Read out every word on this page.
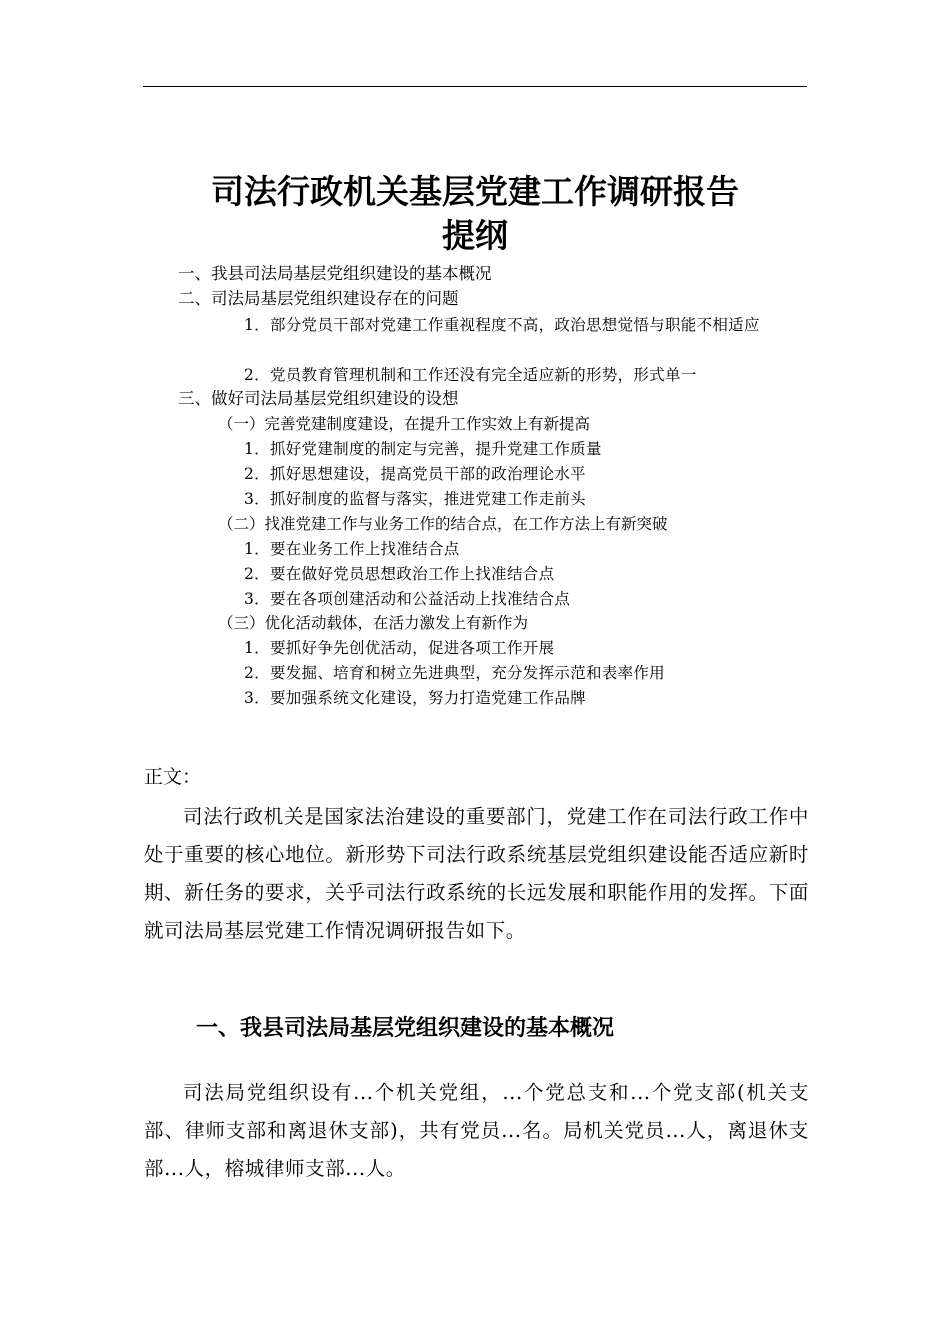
司法行政机关基层党建工作调研报告
提纲
一、我县司法局基层党组织建设的基本概况
二、司法局基层党组织建设存在的问题
1．部分党员干部对党建工作重视程度不高，政治思想觉悟与职能不相适应
2．党员教育管理机制和工作还没有完全适应新的形势，形式单一
三、做好司法局基层党组织建设的设想
（一）完善党建制度建设，在提升工作实效上有新提高
1．抓好党建制度的制定与完善，提升党建工作质量
2．抓好思想建设，提高党员干部的政治理论水平
3．抓好制度的监督与落实，推进党建工作走前头
（二）找准党建工作与业务工作的结合点，在工作方法上有新突破
1．要在业务工作上找准结合点
2．要在做好党员思想政治工作上找准结合点
3．要在各项创建活动和公益活动上找准结合点
（三）优化活动载体，在活力激发上有新作为
1．要抓好争先创优活动，促进各项工作开展
2．要发掘、培育和树立先进典型，充分发挥示范和表率作用
3．要加强系统文化建设，努力打造党建工作品牌
正文：

司法行政机关是国家法治建设的重要部门，党建工作在司法行政工作中处于重要的核心地位。新形势下司法行政系统基层党组织建设能否适应新时期、新任务的要求，关乎司法行政系统的长远发展和职能作用的发挥。下面就司法局基层党建工作情况调研报告如下。

一、我县司法局基层党组织建设的基本概况

司法局党组织设有...个机关党组，...个党总支和...个党支部(机关支部、律师支部和离退休支部)，共有党员...名。局机关党员...人，离退休支部...人，榕城律师支部...人。
